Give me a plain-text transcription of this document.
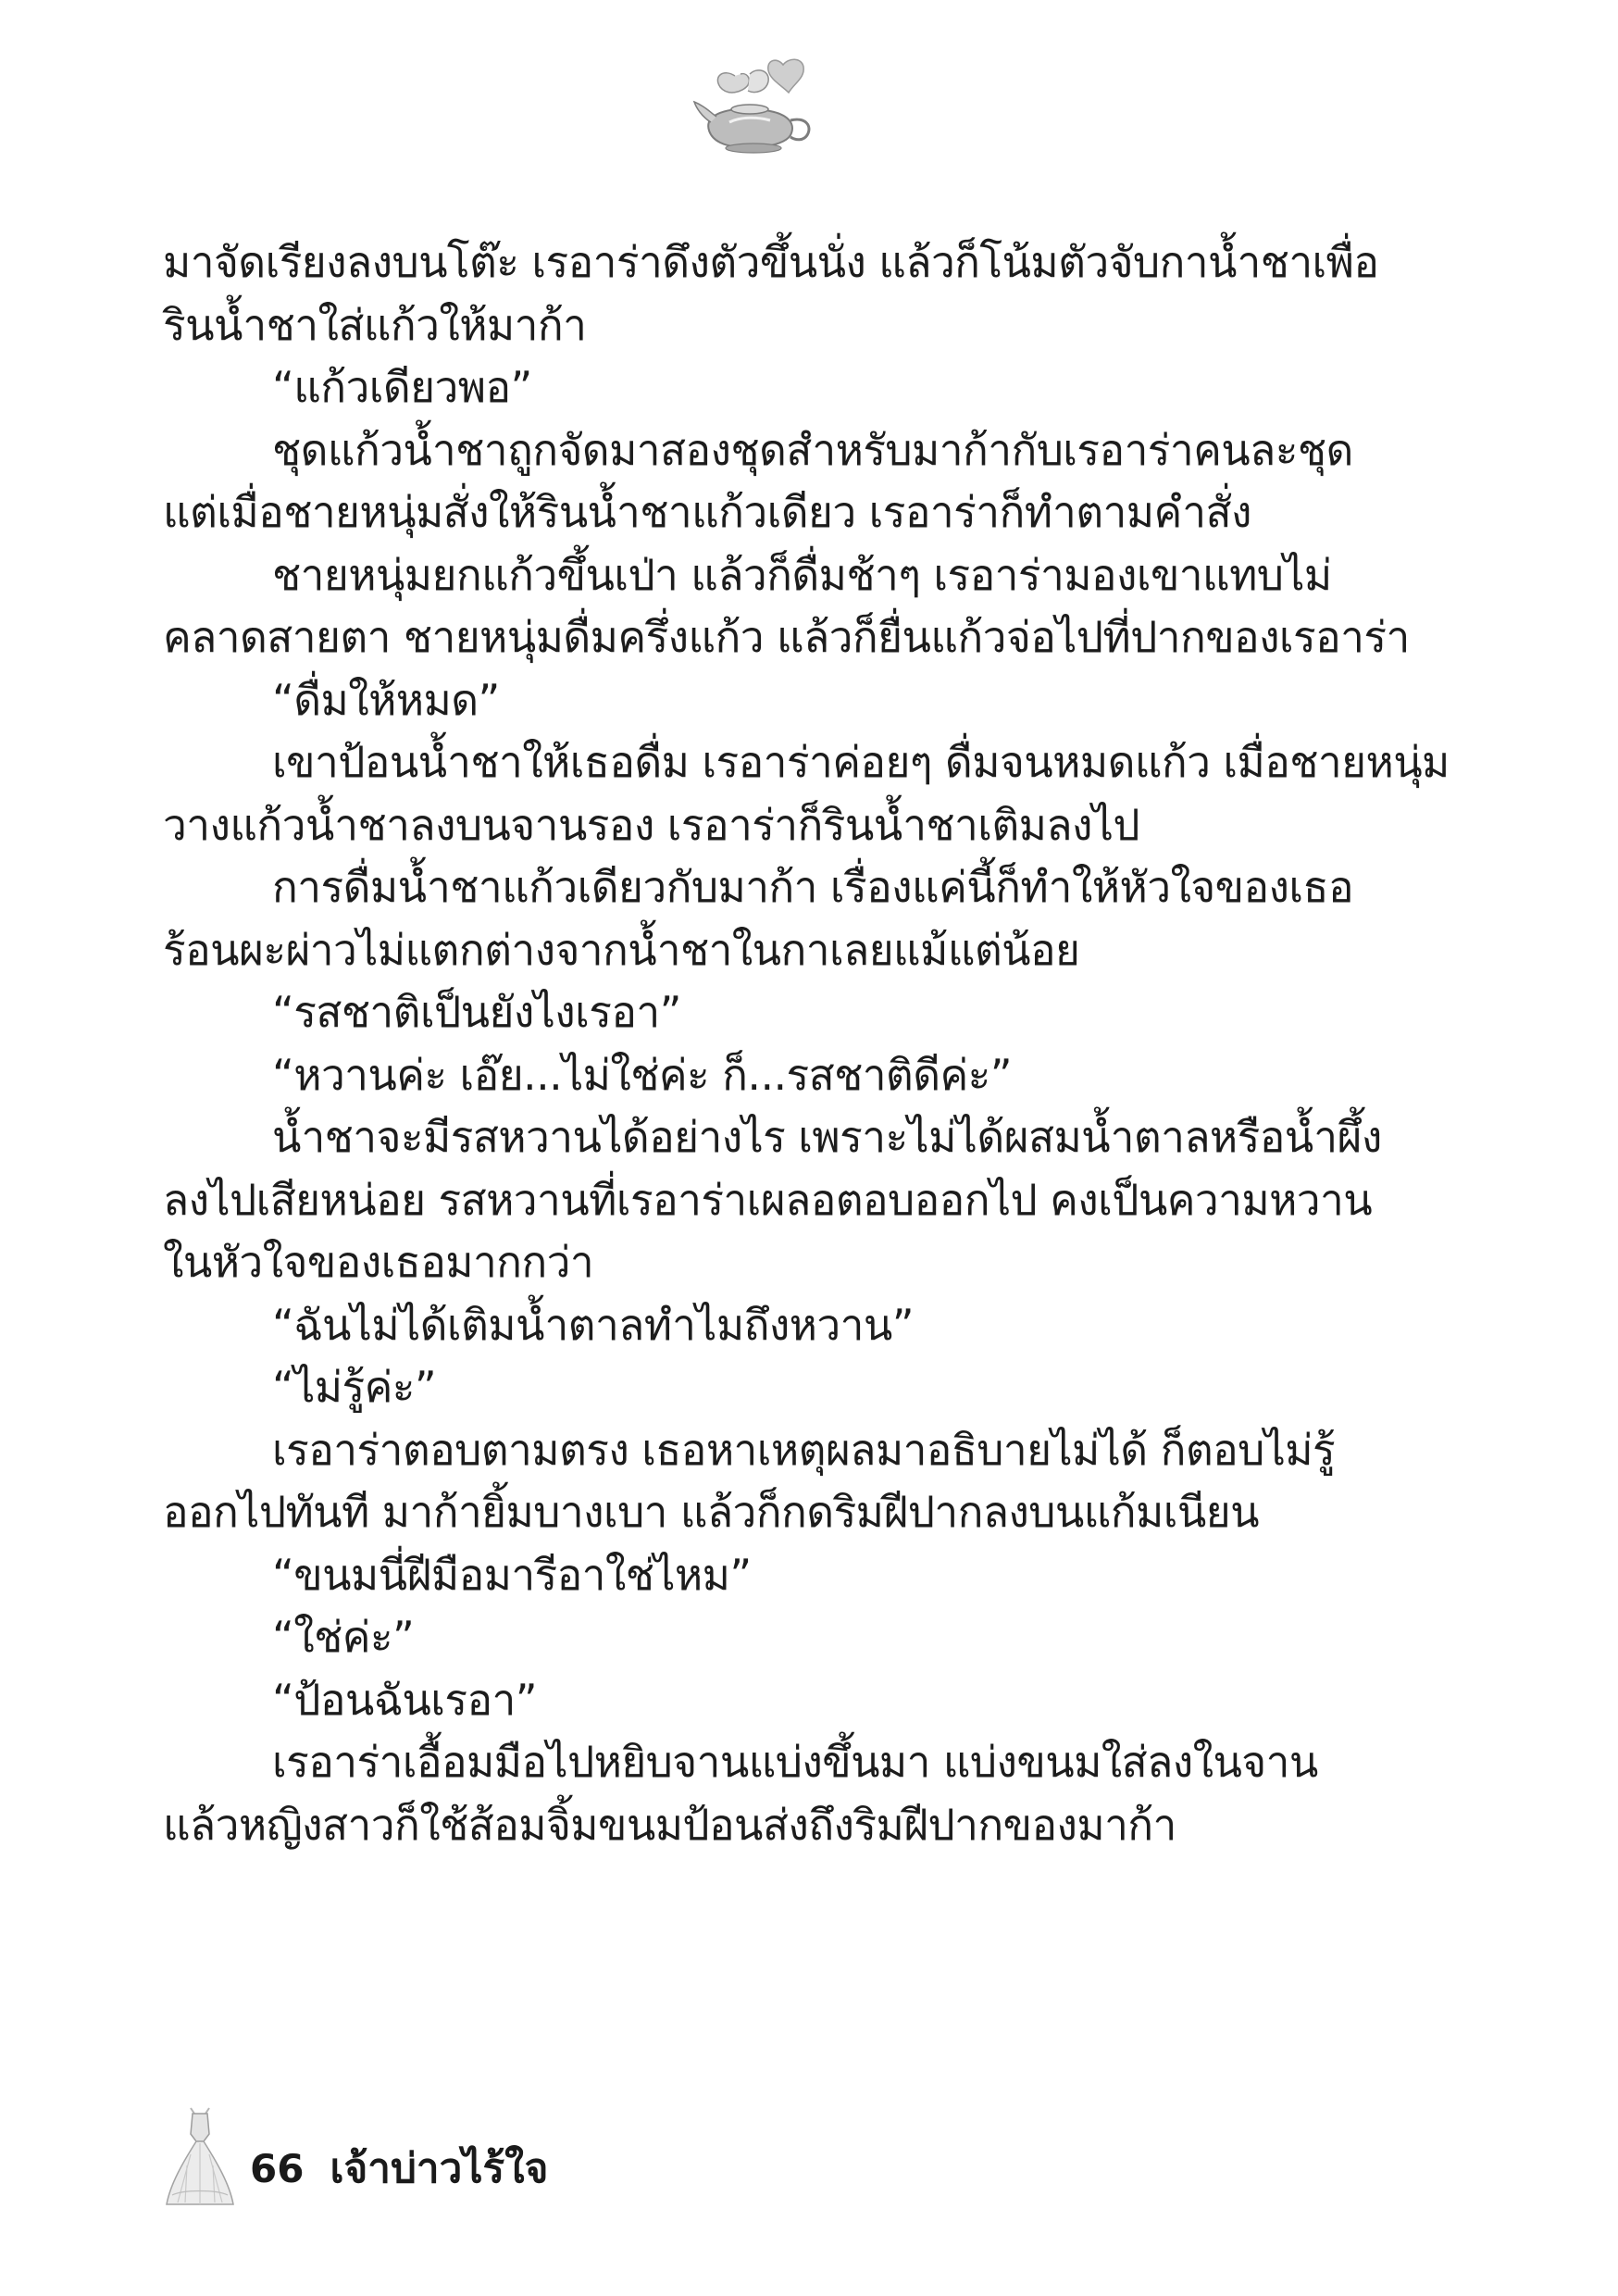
มาจัดเรียงลงบนโต๊ะ เรอาร่าดึงตัวขึ้นนั่ง แล้วก็โน้มตัวจับกาน้ำชาเพื่อ
รินน้ำชาใส่แก้วให้มาก้า
“แก้วเดียวพอ”
ชุดแก้วน้ำชาถูกจัดมาสองชุดสำหรับมาก้ากับเรอาร่าคนละชุด
แต่เมื่อชายหนุ่มสั่งให้รินน้ำชาแก้วเดียว เรอาร่าก็ทำตามคำสั่ง
ชายหนุ่มยกแก้วขึ้นเป่า แล้วก็ดื่มช้าๆ เรอาร่ามองเขาแทบไม่
คลาดสายตา ชายหนุ่มดื่มครึ่งแก้ว แล้วก็ยื่นแก้วจ่อไปที่ปากของเรอาร่า
“ดื่มให้หมด”
เขาป้อนน้ำชาให้เธอดื่ม เรอาร่าค่อยๆ ดื่มจนหมดแก้ว เมื่อชายหนุ่ม
วางแก้วน้ำชาลงบนจานรอง เรอาร่าก็รินน้ำชาเติมลงไป
การดื่มน้ำชาแก้วเดียวกับมาก้า เรื่องแค่นี้ก็ทำให้หัวใจของเธอ
ร้อนผะผ่าวไม่แตกต่างจากน้ำชาในกาเลยแม้แต่น้อย
“รสชาติเป็นยังไงเรอา”
“หวานค่ะ เอ๊ย...ไม่ใช่ค่ะ ก็...รสชาติดีค่ะ”
น้ำชาจะมีรสหวานได้อย่างไร เพราะไม่ได้ผสมน้ำตาลหรือน้ำผึ้ง
ลงไปเสียหน่อย รสหวานที่เรอาร่าเผลอตอบออกไป คงเป็นความหวาน
ในหัวใจของเธอมากกว่า
“ฉันไม่ได้เติมน้ำตาลทำไมถึงหวาน”
“ไม่รู้ค่ะ”
เรอาร่าตอบตามตรง เธอหาเหตุผลมาอธิบายไม่ได้ ก็ตอบไม่รู้
ออกไปทันที มาก้ายิ้มบางเบา แล้วก็กดริมฝีปากลงบนแก้มเนียน
“ขนมนี่ฝีมือมารีอาใช่ไหม”
“ใช่ค่ะ”
“ป้อนฉันเรอา”
เรอาร่าเอื้อมมือไปหยิบจานแบ่งขึ้นมา แบ่งขนมใส่ลงในจาน
แล้วหญิงสาวก็ใช้ส้อมจิ้มขนมป้อนส่งถึงริมฝีปากของมาก้า
66 เจ้าบ่าวไร้ใจ
